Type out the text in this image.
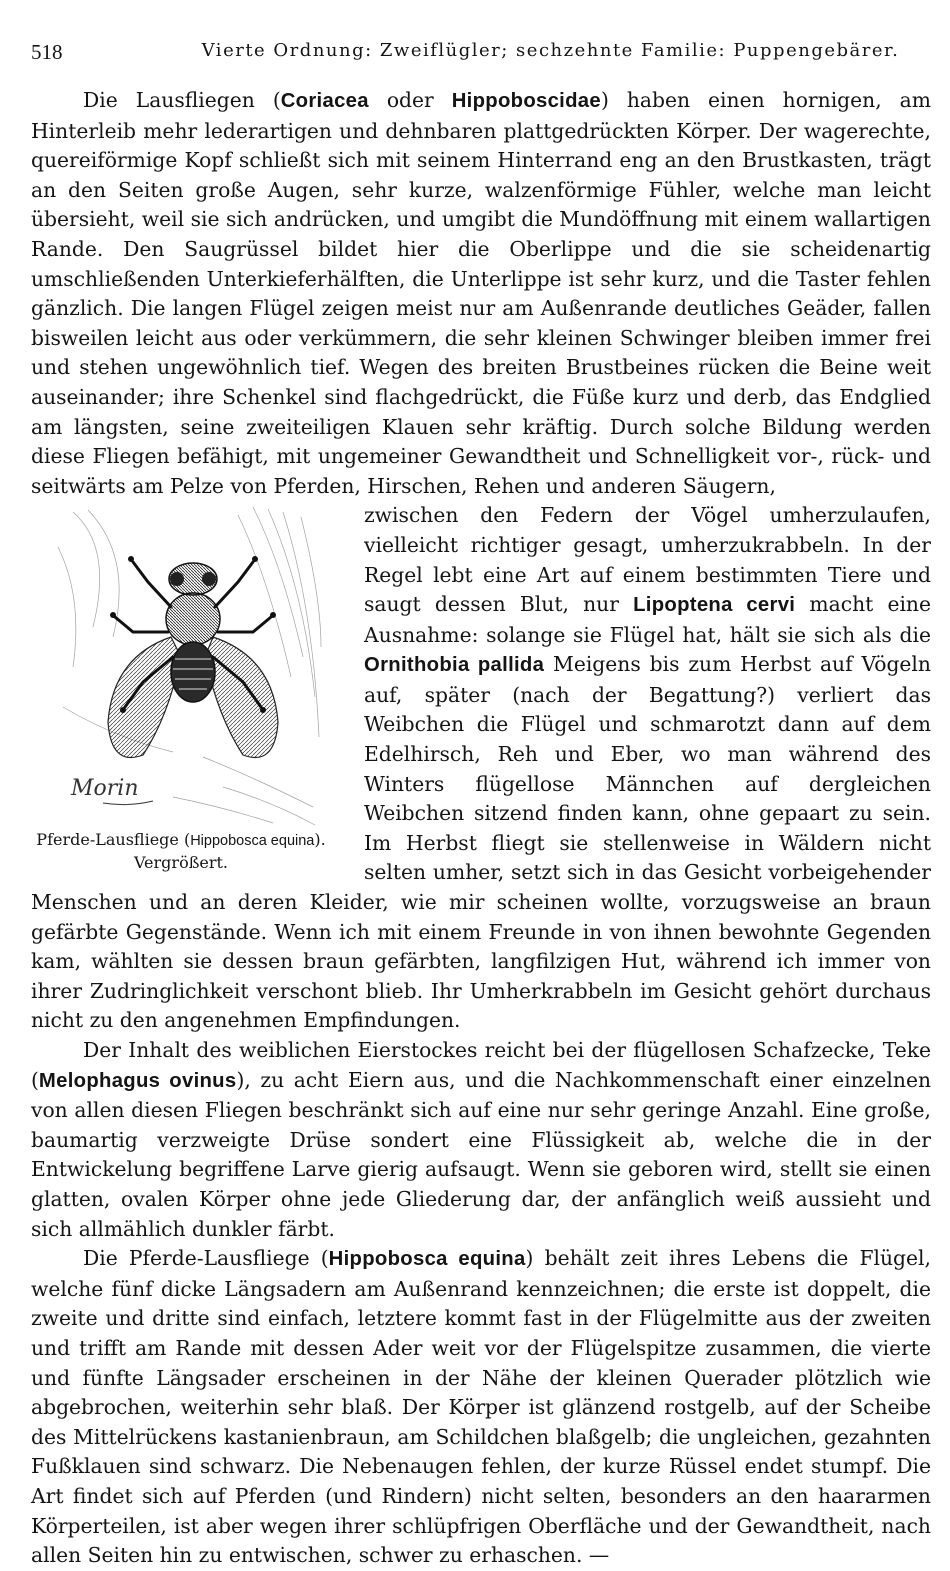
518	Vierte Ordnung: Zweiflügler; sechzehnte Familie: Puppengebärer.

Die Lausfliegen (Coriacea oder Hippoboscidae) haben einen hornigen, am Hinterleib mehr lederartigen und dehnbaren plattgedrückten Körper. Der wagerechte, quereiförmige Kopf schließt sich mit seinem Hinterrand eng an den Brustkasten, trägt an den Seiten große Augen, sehr kurze, walzenförmige Fühler, welche man leicht übersieht, weil sie sich andrücken, und umgibt die Mundöffnung mit einem wallartigen Rande. Den Saugrüssel bildet hier die Oberlippe und die sie scheidenartig umschließenden Unterkieferhälften, die Unterlippe ist sehr kurz, und die Taster fehlen gänzlich. Die langen Flügel zeigen meist nur am Außenrande deutliches Geäder, fallen bisweilen leicht aus oder verkümmern, die sehr kleinen Schwinger bleiben immer frei und stehen ungewöhnlich tief. Wegen des breiten Brustbeines rücken die Beine weit auseinander; ihre Schenkel sind flachgedrückt, die Füße kurz und derb, das Endglied am längsten, seine zweiteiligen Klauen sehr kräftig. Durch solche Bildung werden diese Fliegen befähigt, mit ungemeiner Gewandtheit und Schnelligkeit vor-, rück- und seitwärts am Pelze von Pferden, Hirschen, Rehen und anderen Säugern,

Morin
Pferde-Lausfliege (Hippobosca equina). Vergrößert.

zwischen den Federn der Vögel umherzulaufen, vielleicht richtiger gesagt, umherzukrabbeln. In der Regel lebt eine Art auf einem bestimmten Tiere und saugt dessen Blut, nur Lipoptena cervi macht eine Ausnahme: solange sie Flügel hat, hält sie sich als die Ornithobia pallida Meigens bis zum Herbst auf Vögeln auf, später (nach der Begattung?) verliert das Weibchen die Flügel und schmarotzt dann auf dem Edelhirsch, Reh und Eber, wo man während des Winters flügellose Männchen auf dergleichen Weibchen sitzend finden kann, ohne gepaart zu sein. Im Herbst fliegt sie stellenweise in Wäldern nicht selten umher, setzt sich in das Gesicht vorbeigehender Menschen und an deren Kleider, wie mir scheinen wollte, vorzugsweise an braun gefärbte Gegenstände. Wenn ich mit einem Freunde in von ihnen bewohnte Gegenden kam, wählten sie dessen braun gefärbten, langfilzigen Hut, während ich immer von ihrer Zudringlichkeit verschont blieb. Ihr Umherkrabbeln im Gesicht gehört durchaus nicht zu den angenehmen Empfindungen.

Der Inhalt des weiblichen Eierstockes reicht bei der flügellosen Schafzecke, Teke (Melophagus ovinus), zu acht Eiern aus, und die Nachkommenschaft einer einzelnen von allen diesen Fliegen beschränkt sich auf eine nur sehr geringe Anzahl. Eine große, baumartig verzweigte Drüse sondert eine Flüssigkeit ab, welche die in der Entwickelung begriffene Larve gierig aufsaugt. Wenn sie geboren wird, stellt sie einen glatten, ovalen Körper ohne jede Gliederung dar, der anfänglich weiß aussieht und sich allmählich dunkler färbt.

Die Pferde-Lausfliege (Hippobosca equina) behält zeit ihres Lebens die Flügel, welche fünf dicke Längsadern am Außenrand kennzeichnen; die erste ist doppelt, die zweite und dritte sind einfach, letztere kommt fast in der Flügelmitte aus der zweiten und trifft am Rande mit dessen Ader weit vor der Flügelspitze zusammen, die vierte und fünfte Längsader erscheinen in der Nähe der kleinen Querader plötzlich wie abgebrochen, weiterhin sehr blaß. Der Körper ist glänzend rostgelb, auf der Scheibe des Mittelrückens kastanienbraun, am Schildchen blaßgelb; die ungleichen, gezahnten Fußklauen sind schwarz. Die Nebenaugen fehlen, der kurze Rüssel endet stumpf. Die Art findet sich auf Pferden (und Rindern) nicht selten, besonders an den haararmen Körperteilen, ist aber wegen ihrer schlüpfrigen Oberfläche und der Gewandtheit, nach allen Seiten hin zu entwischen, schwer zu erhaschen. —
